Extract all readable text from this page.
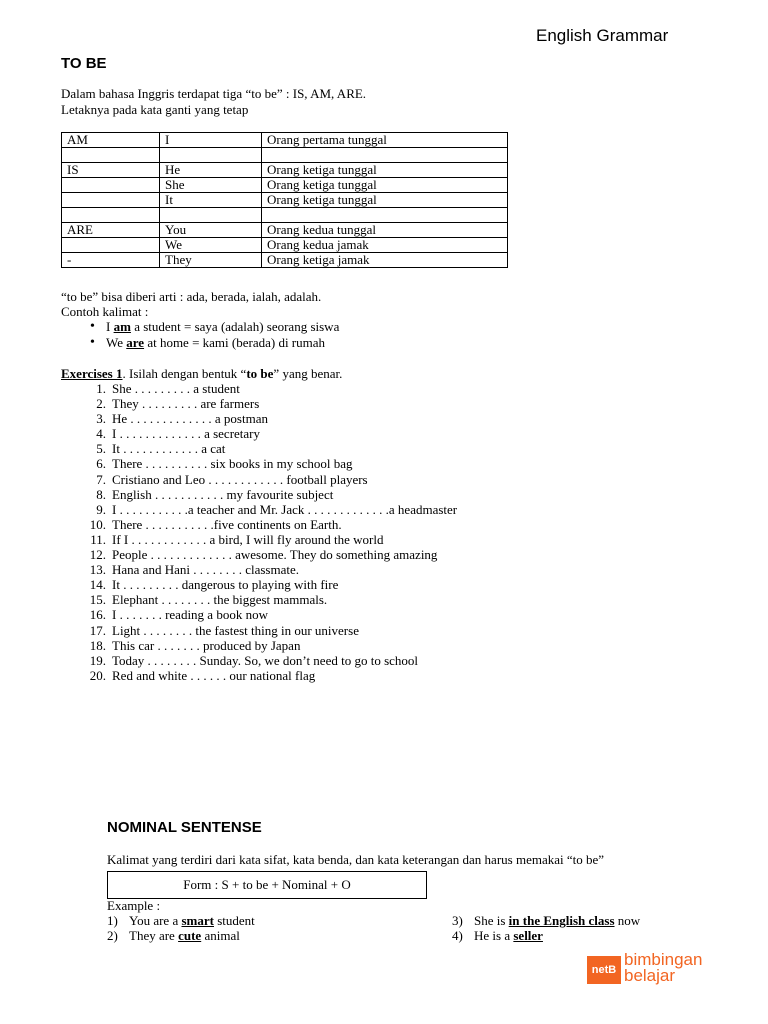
English Grammar
TO BE
Dalam bahasa Inggris terdapat tiga “to be” : IS, AM, ARE.
Letaknya pada kata ganti yang tetap
AM	I	Orang pertama tunggal

IS	He	Orang ketiga tunggal
	She	Orang ketiga tunggal
	It	Orang ketiga tunggal

ARE	You	Orang kedua tunggal
	We	Orang kedua jamak
-	They	Orang ketiga jamak
“to be” bisa diberi arti : ada, berada, ialah, adalah.
Contoh kalimat :
• I am a student = saya (adalah) seorang siswa
• We are at home = kami (berada) di rumah
Exercises 1. Isilah dengan bentuk “to be” yang benar.
1. She . . . . . . . . . a student
2. They . . . . . . . . . are farmers
3. He . . . . . . . . . . . . . a postman
4. I . . . . . . . . . . . . . a secretary
5. It . . . . . . . . . . . . a cat
6. There . . . . . . . . . . six books in my school bag
7. Cristiano and Leo . . . . . . . . . . . . football players
8. English . . . . . . . . . . . my favourite subject
9. I . . . . . . . . . . .a teacher and Mr. Jack . . . . . . . . . . . . .a headmaster
10. There . . . . . . . . . . .five continents on Earth.
11. If I . . . . . . . . . . . . a bird, I will fly around the world
12. People . . . . . . . . . . . . . awesome. They do something amazing
13. Hana and Hani . . . . . . . . classmate.
14. It . . . . . . . . . dangerous to playing with fire
15. Elephant . . . . . . . . the biggest mammals.
16. I . . . . . . . reading a book now
17. Light . . . . . . . . the fastest thing in our universe
18. This car . . . . . . . produced by Japan
19. Today . . . . . . . . Sunday. So, we don’t need to go to school
20. Red and white . . . . . . our national flag
NOMINAL SENTENSE
Kalimat yang terdiri dari kata sifat, kata benda, dan kata keterangan dan harus memakai “to be”
Form : S + to be + Nominal + O
Example :
1) You are a smart student
2) They are cute animal
3) She is in the English class now
4) He is a seller
netB
bimbingan
belajar
